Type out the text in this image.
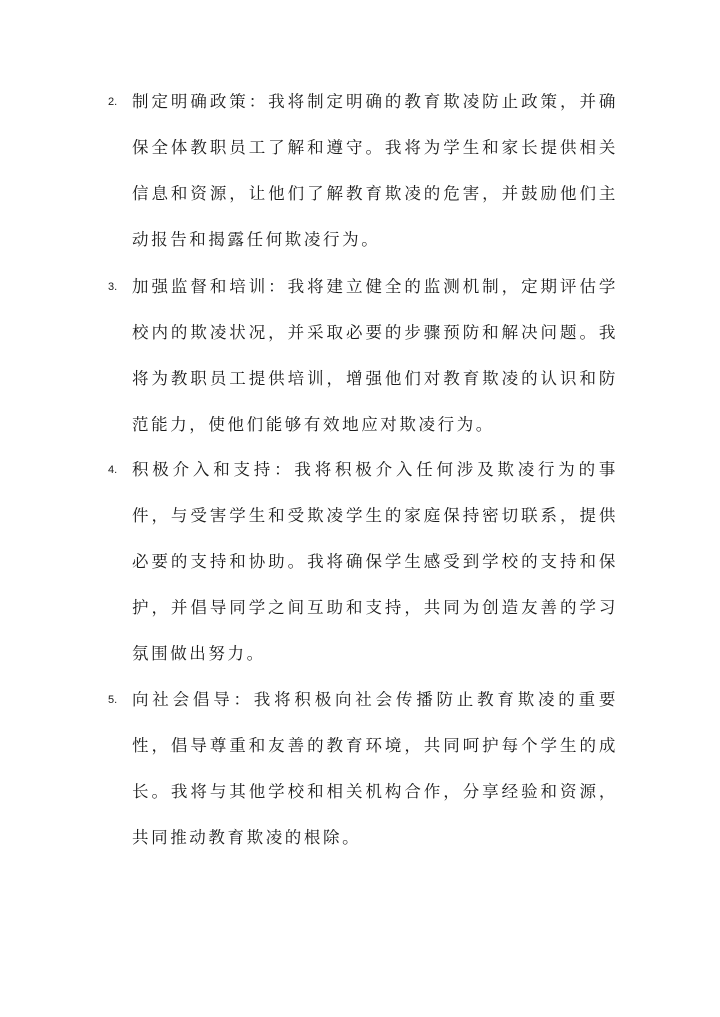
2. 制定明确政策：我将制定明确的教育欺凌防止政策，并确保全体教职员工了解和遵守。我将为学生和家长提供相关信息和资源，让他们了解教育欺凌的危害，并鼓励他们主动报告和揭露任何欺凌行为。
3. 加强监督和培训：我将建立健全的监测机制，定期评估学校内的欺凌状况，并采取必要的步骤预防和解决问题。我将为教职员工提供培训，增强他们对教育欺凌的认识和防范能力，使他们能够有效地应对欺凌行为。
4. 积极介入和支持：我将积极介入任何涉及欺凌行为的事件，与受害学生和受欺凌学生的家庭保持密切联系，提供必要的支持和协助。我将确保学生感受到学校的支持和保护，并倡导同学之间互助和支持，共同为创造友善的学习氛围做出努力。
5. 向社会倡导：我将积极向社会传播防止教育欺凌的重要性，倡导尊重和友善的教育环境，共同呵护每个学生的成长。我将与其他学校和相关机构合作，分享经验和资源，共同推动教育欺凌的根除。
